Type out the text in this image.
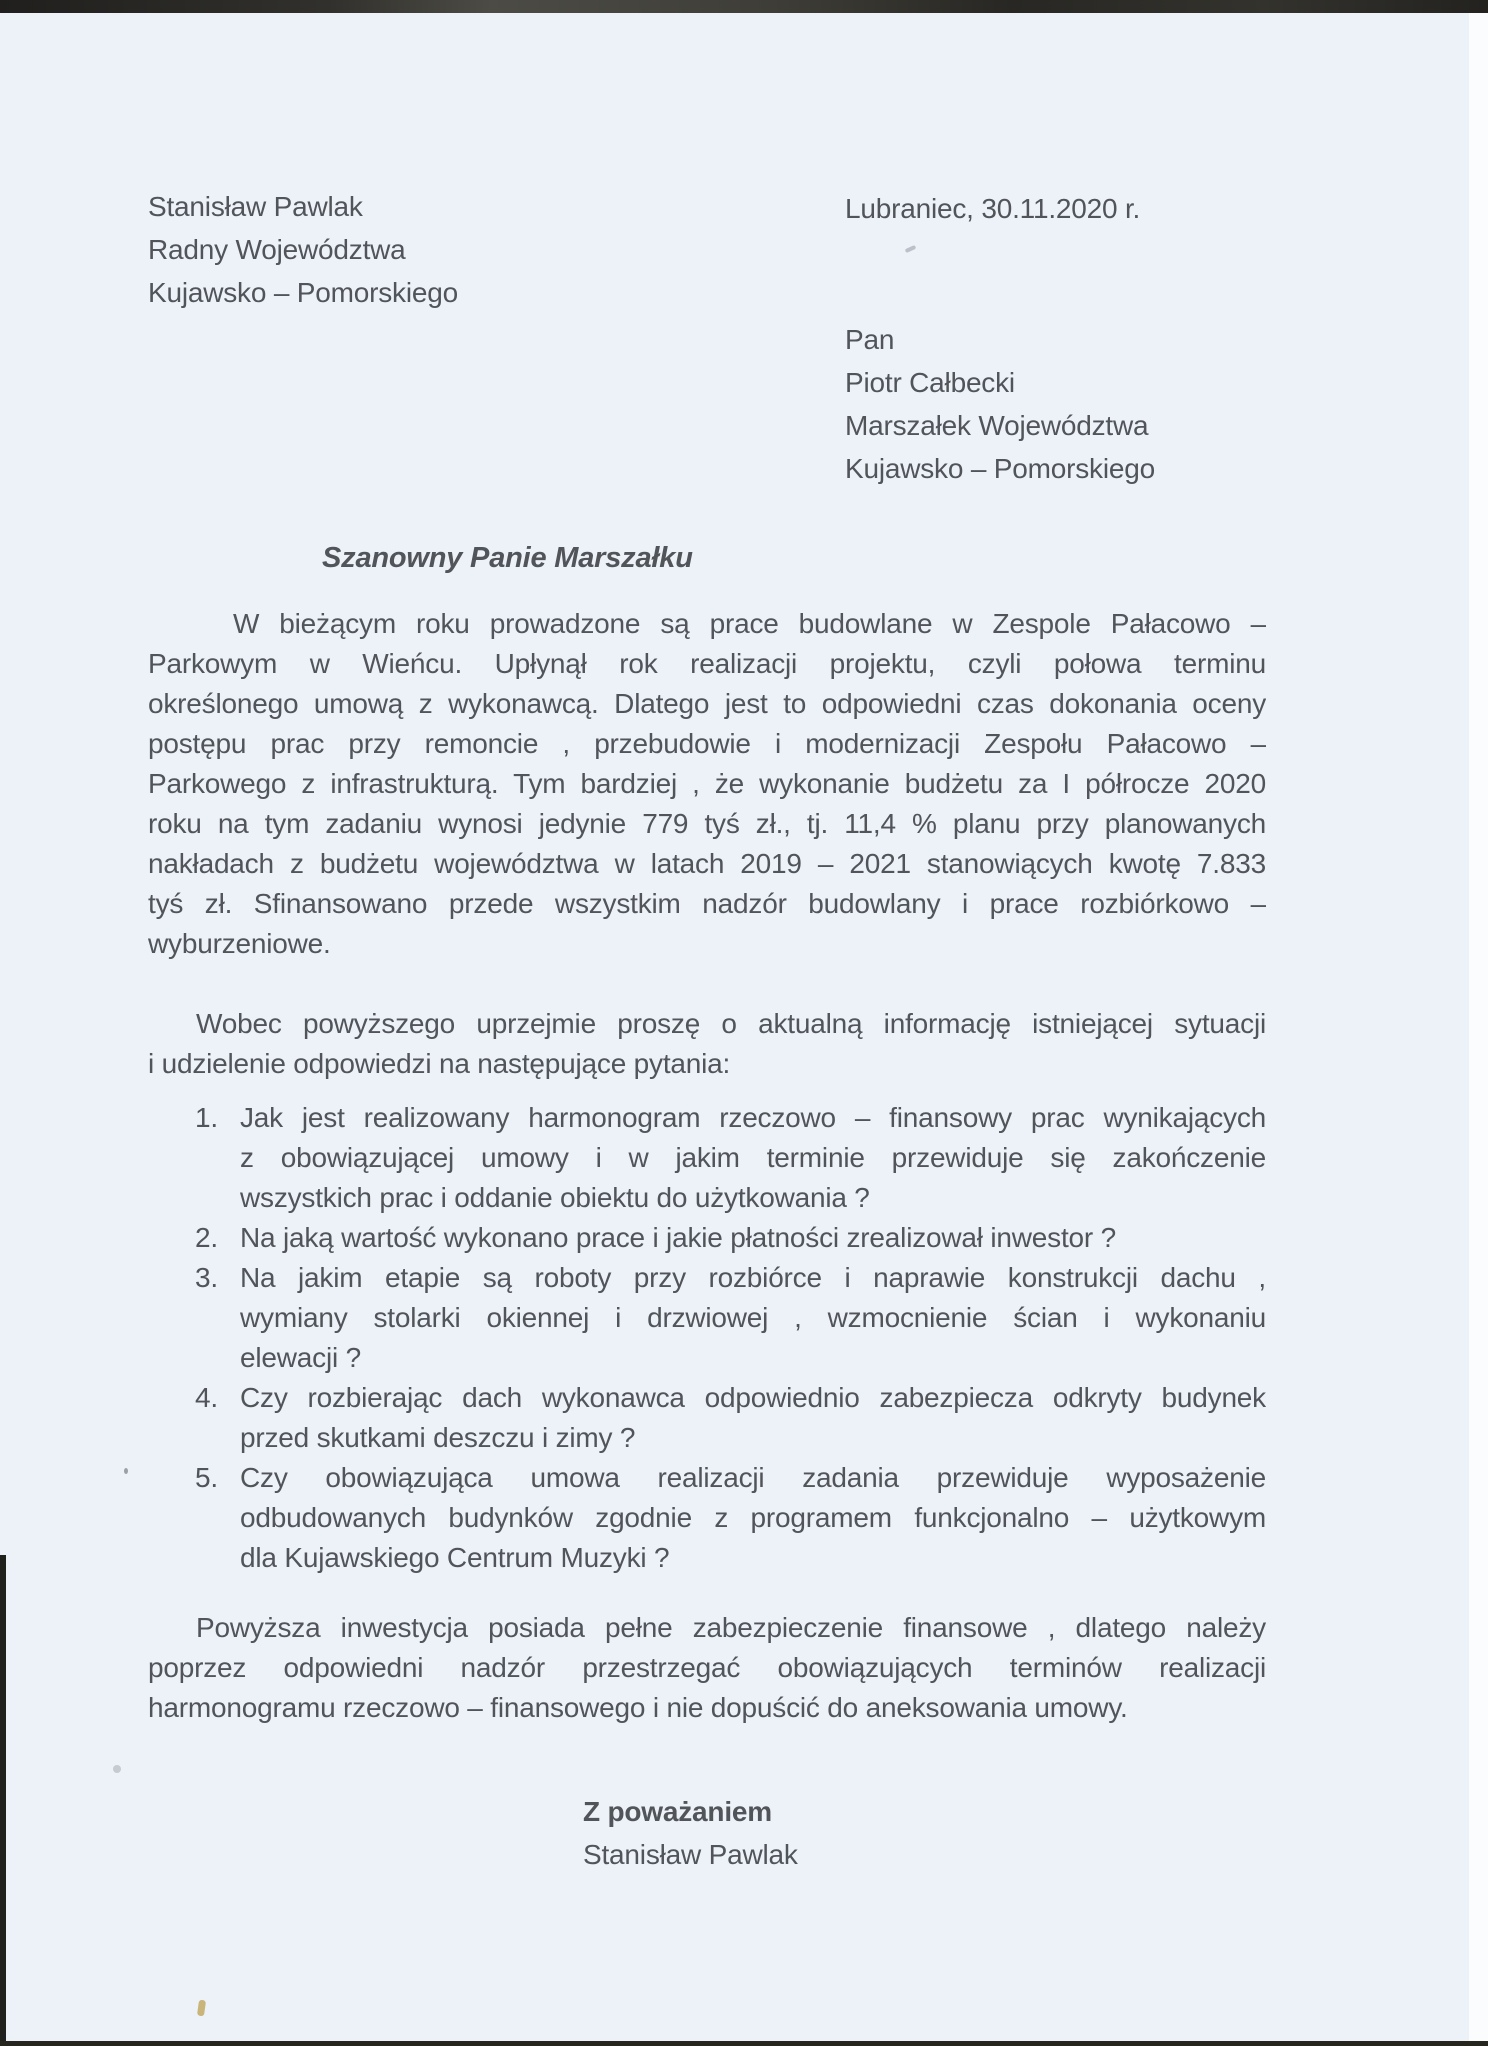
Stanisław Pawlak
Radny Województwa
Kujawsko – Pomorskiego
Lubraniec, 30.11.2020 r.
Pan
Piotr Całbecki
Marszałek Województwa
Kujawsko – Pomorskiego
Szanowny Panie Marszałku
W bieżącym roku prowadzone są prace budowlane w Zespole Pałacowo –
Parkowym w Wieńcu. Upłynął rok realizacji projektu, czyli połowa terminu
określonego umową z wykonawcą. Dlatego jest to odpowiedni czas dokonania oceny
postępu prac przy remoncie , przebudowie i modernizacji Zespołu Pałacowo –
Parkowego z infrastrukturą. Tym bardziej , że wykonanie budżetu za I półrocze 2020
roku na tym zadaniu wynosi jedynie 779 tyś zł., tj. 11,4 % planu przy planowanych
nakładach z budżetu województwa w latach 2019 – 2021 stanowiących kwotę 7.833
tyś zł. Sfinansowano przede wszystkim nadzór budowlany i prace rozbiórkowo –
wyburzeniowe.
Wobec powyższego uprzejmie proszę o aktualną informację istniejącej sytuacji
i udzielenie odpowiedzi na następujące pytania:
1. Jak jest realizowany harmonogram rzeczowo – finansowy prac wynikających
z obowiązującej umowy i w jakim terminie przewiduje się zakończenie
wszystkich prac i oddanie obiektu do użytkowania ?
2. Na jaką wartość wykonano prace i jakie płatności zrealizował inwestor ?
3. Na jakim etapie są roboty przy rozbiórce i naprawie konstrukcji dachu ,
wymiany stolarki okiennej i drzwiowej , wzmocnienie ścian i wykonaniu
elewacji ?
4. Czy rozbierając dach wykonawca odpowiednio zabezpiecza odkryty budynek
przed skutkami deszczu i zimy ?
5. Czy obowiązująca umowa realizacji zadania przewiduje wyposażenie
odbudowanych budynków zgodnie z programem funkcjonalno – użytkowym
dla Kujawskiego Centrum Muzyki ?
Powyższa inwestycja posiada pełne zabezpieczenie finansowe , dlatego należy
poprzez odpowiedni nadzór przestrzegać obowiązujących terminów realizacji
harmonogramu rzeczowo – finansowego i nie dopuścić do aneksowania umowy.
Z poważaniem
Stanisław Pawlak
